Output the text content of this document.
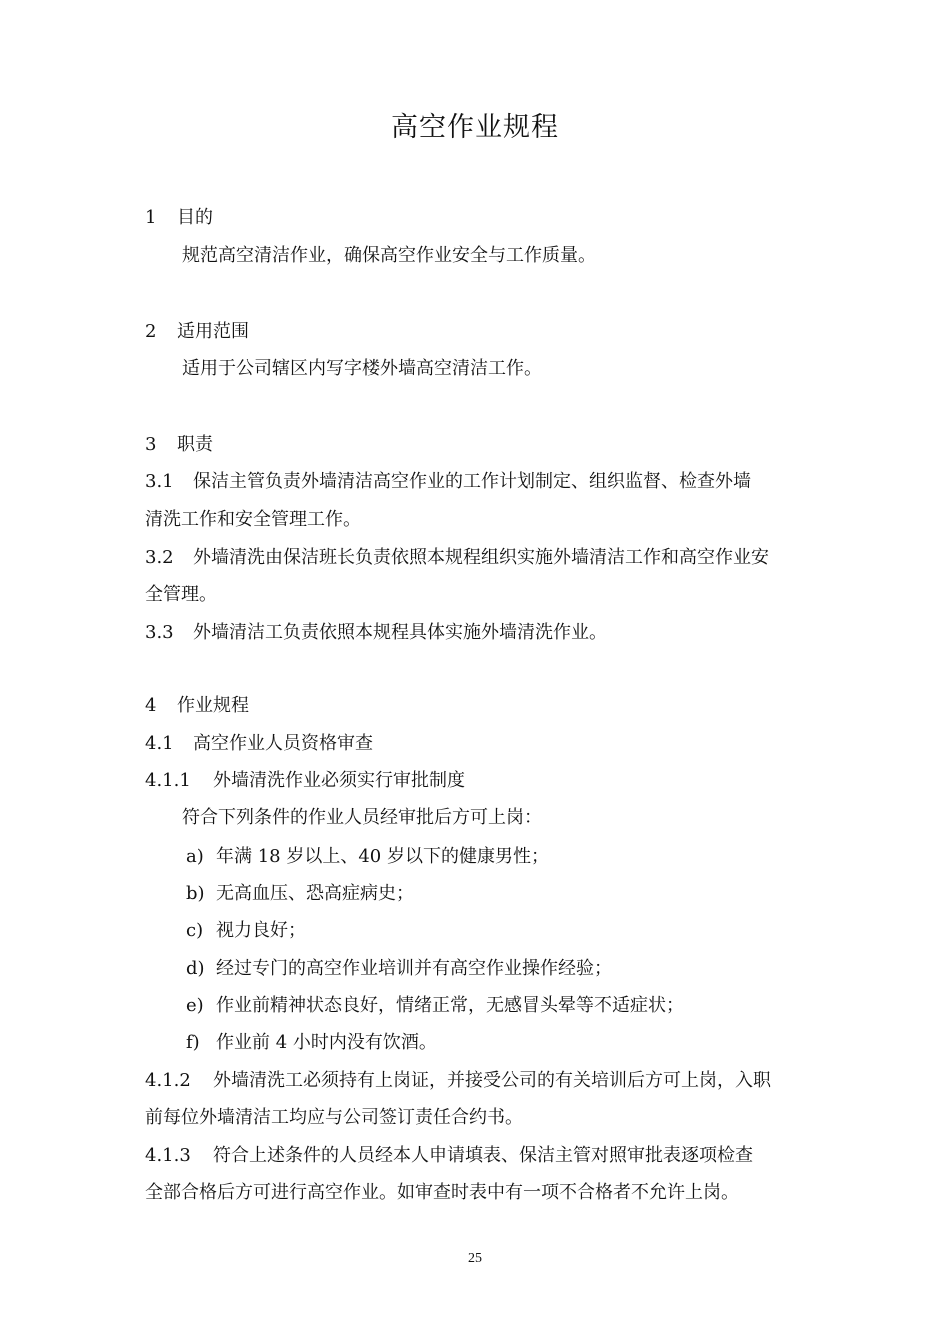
高空作业规程
1 目的
规范高空清洁作业，确保高空作业安全与工作质量。
2 适用范围
适用于公司辖区内写字楼外墙高空清洁工作。
3 职责
3.1 保洁主管负责外墙清洁高空作业的工作计划制定、组织监督、检查外墙
清洗工作和安全管理工作。
3.2 外墙清洗由保洁班长负责依照本规程组织实施外墙清洁工作和高空作业安
全管理。
3.3 外墙清洁工负责依照本规程具体实施外墙清洗作业。
4 作业规程
4.1 高空作业人员资格审查
4.1.1 外墙清洗作业必须实行审批制度
符合下列条件的作业人员经审批后方可上岗：
a) 年满 18 岁以上、40 岁以下的健康男性；
b) 无高血压、恐高症病史；
c) 视力良好；
d) 经过专门的高空作业培训并有高空作业操作经验；
e) 作业前精神状态良好，情绪正常，无感冒头晕等不适症状；
f) 作业前 4 小时内没有饮酒。
4.1.2 外墙清洗工必须持有上岗证，并接受公司的有关培训后方可上岗，入职
前每位外墙清洁工均应与公司签订责任合约书。
4.1.3 符合上述条件的人员经本人申请填表、保洁主管对照审批表逐项检查
全部合格后方可进行高空作业。如审查时表中有一项不合格者不允许上岗。
25
